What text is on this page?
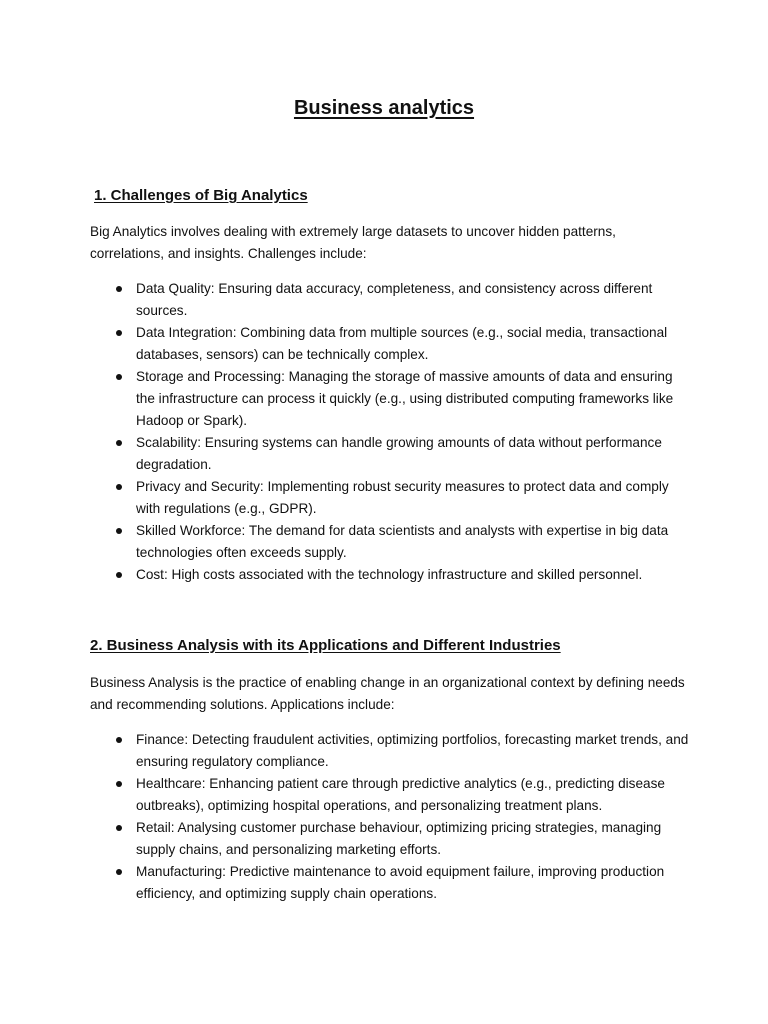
Business analytics
1. Challenges of Big Analytics

Big Analytics involves dealing with extremely large datasets to uncover hidden patterns, correlations, and insights. Challenges include:

Data Quality: Ensuring data accuracy, completeness, and consistency across different sources.
Data Integration: Combining data from multiple sources (e.g., social media, transactional databases, sensors) can be technically complex.
Storage and Processing: Managing the storage of massive amounts of data and ensuring the infrastructure can process it quickly (e.g., using distributed computing frameworks like Hadoop or Spark).
Scalability: Ensuring systems can handle growing amounts of data without performance degradation.
Privacy and Security: Implementing robust security measures to protect data and comply with regulations (e.g., GDPR).
Skilled Workforce: The demand for data scientists and analysts with expertise in big data technologies often exceeds supply.
Cost: High costs associated with the technology infrastructure and skilled personnel.
2. Business Analysis with its Applications and Different Industries

Business Analysis is the practice of enabling change in an organizational context by defining needs and recommending solutions. Applications include:

Finance: Detecting fraudulent activities, optimizing portfolios, forecasting market trends, and ensuring regulatory compliance.
Healthcare: Enhancing patient care through predictive analytics (e.g., predicting disease outbreaks), optimizing hospital operations, and personalizing treatment plans.
Retail: Analysing customer purchase behaviour, optimizing pricing strategies, managing supply chains, and personalizing marketing efforts.
Manufacturing: Predictive maintenance to avoid equipment failure, improving production efficiency, and optimizing supply chain operations.
